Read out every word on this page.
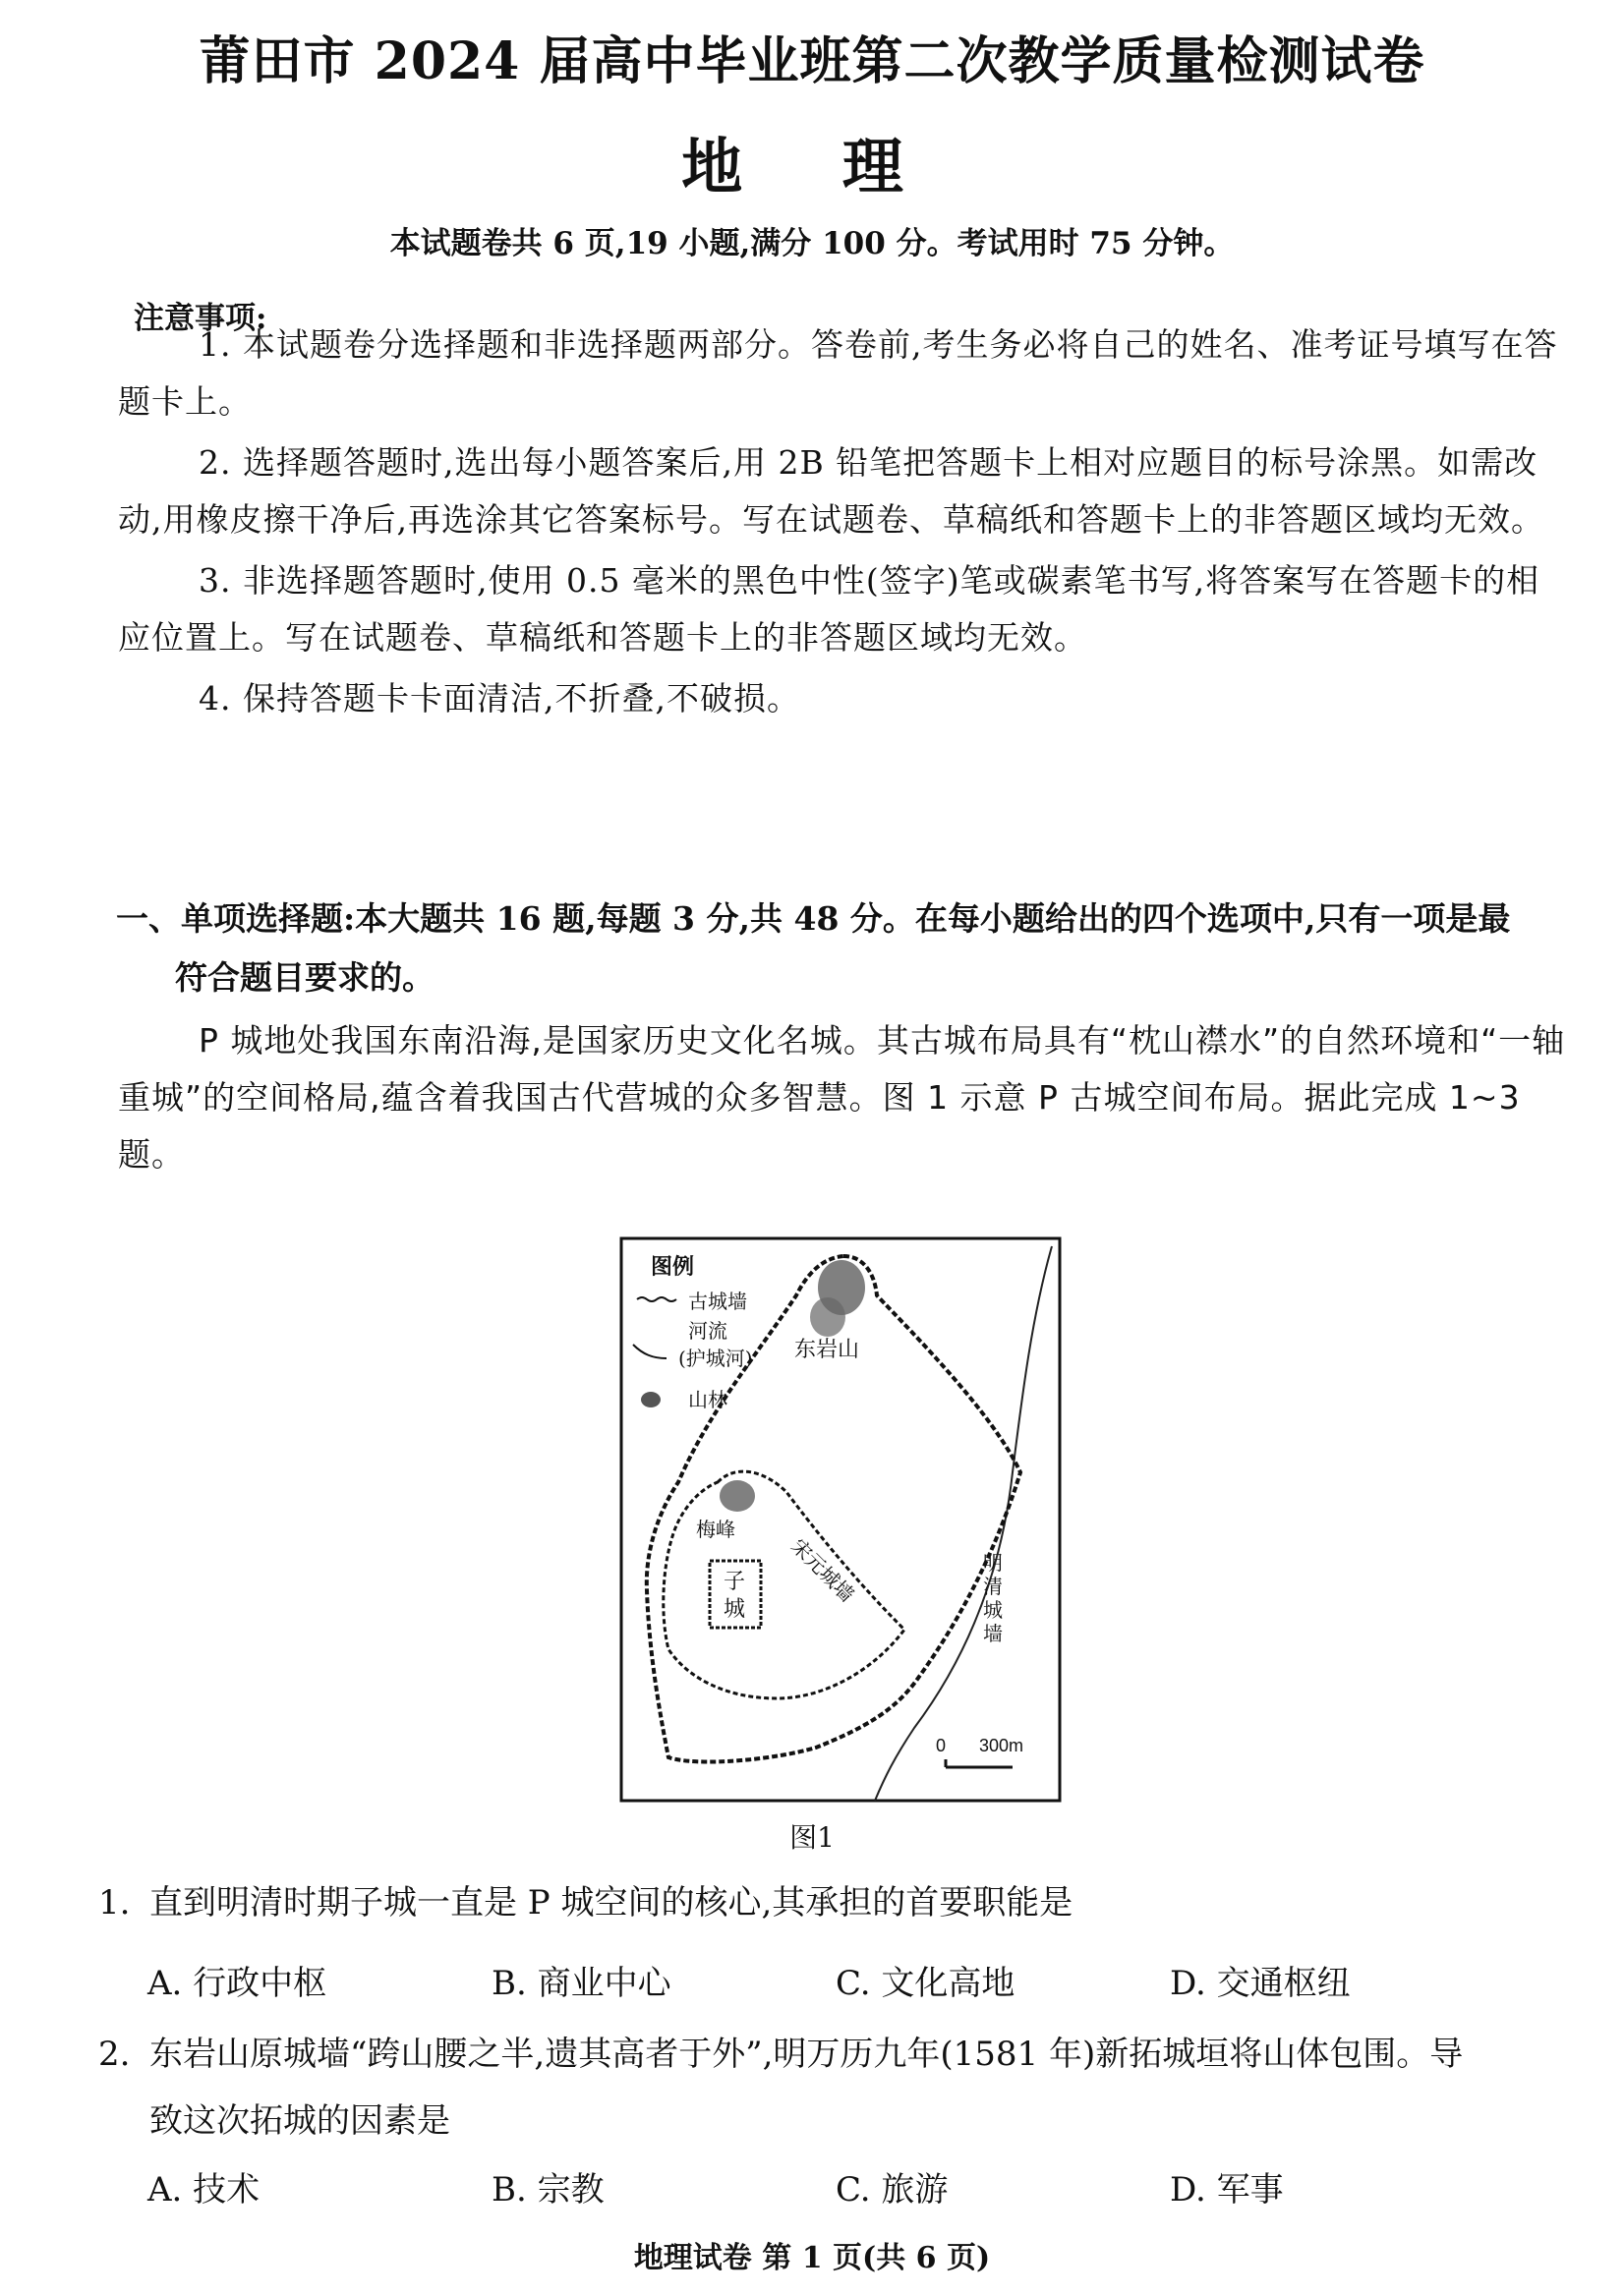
莆田市 2024 届高中毕业班第二次教学质量检测试卷
地 理
本试题卷共 6 页,19 小题,满分 100 分。考试用时 75 分钟。
注意事项:

1. 本试题卷分选择题和非选择题两部分。答卷前,考生务必将自己的姓名、准考证号填写在答题卡上。

2. 选择题答题时,选出每小题答案后,用 2B 铅笔把答题卡上相对应题目的标号涂黑。如需改动,用橡皮擦干净后,再选涂其它答案标号。写在试题卷、草稿纸和答题卡上的非答题区域均无效。

3. 非选择题答题时,使用 0.5 毫米的黑色中性(签字)笔或碳素笔书写,将答案写在答题卡的相应位置上。写在试题卷、草稿纸和答题卡上的非答题区域均无效。

4. 保持答题卡卡面清洁,不折叠,不破损。

一、单项选择题:本大题共 16 题,每题 3 分,共 48 分。在每小题给出的四个选项中,只有一项是最
符合题目要求的。
P 城地处我国东南沿海,是国家历史文化名城。其古城布局具有“枕山襟水”的自然环境和“一轴重城”的空间格局,蕴含着我国古代营城的众多智慧。图 1 示意 P 古城空间布局。据此完成 1~3 题。
图例
古城墙
河流
(护城河)
山林
东岩山
梅峰
宋元城墙	明清城墙
子城
0 300m
图1
1. 直到明清时期子城一直是 P 城空间的核心,其承担的首要职能是
A. 行政中枢	B. 商业中心	C. 文化高地	D. 交通枢纽
2. 东岩山原城墙“跨山腰之半,遗其高者于外”,明万历九年(1581 年)新拓城垣将山体包围。导
致这次拓城的因素是
A. 技术	B. 宗教	C. 旅游	D. 军事
地理试卷 第 1 页(共 6 页)
